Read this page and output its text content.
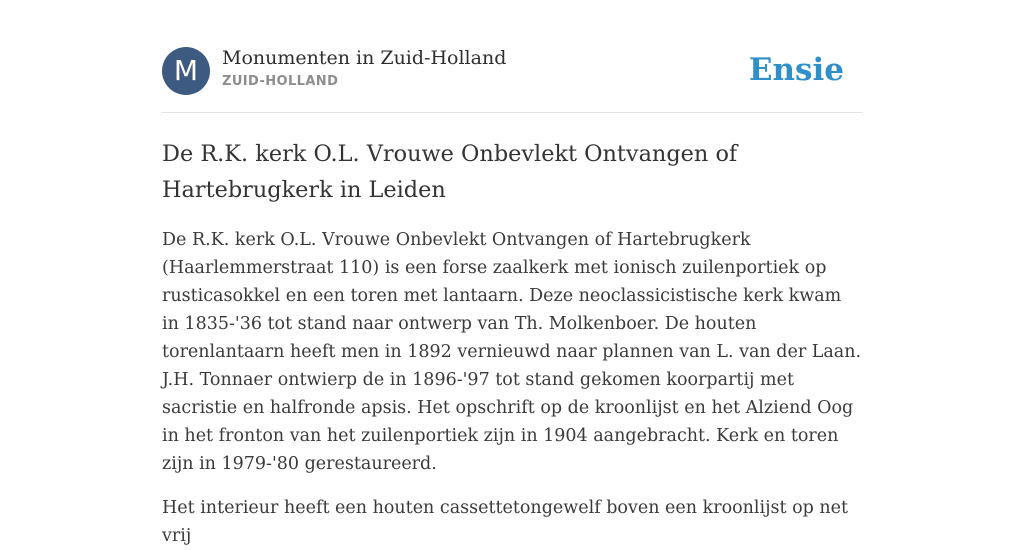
M	Monumenten in Zuid-Holland
ZUID-HOLLAND	Ensie
De R.K. kerk O.L. Vrouwe Onbevlekt Ontvangen of Hartebrugkerk in Leiden

De R.K. kerk O.L. Vrouwe Onbevlekt Ontvangen of Hartebrugkerk (Haarlemmerstraat 110) is een forse zaalkerk met ionisch zuilenportiek op rusticasokkel en een toren met lantaarn. Deze neoclassicistische kerk kwam in 1835-'36 tot stand naar ontwerp van Th. Molkenboer. De houten torenlantaarn heeft men in 1892 vernieuwd naar plannen van L. van der Laan. J.H. Tonnaer ontwierp de in 1896-'97 tot stand gekomen koorpartij met sacristie en halfronde apsis. Het opschrift op de kroonlijst en het Alziend Oog in het fronton van het zuilenportiek zijn in 1904 aangebracht. Kerk en toren zijn in 1979-'80 gerestaureerd.

Het interieur heeft een houten cassettetongewelf boven een kroonlijst op net vrij
